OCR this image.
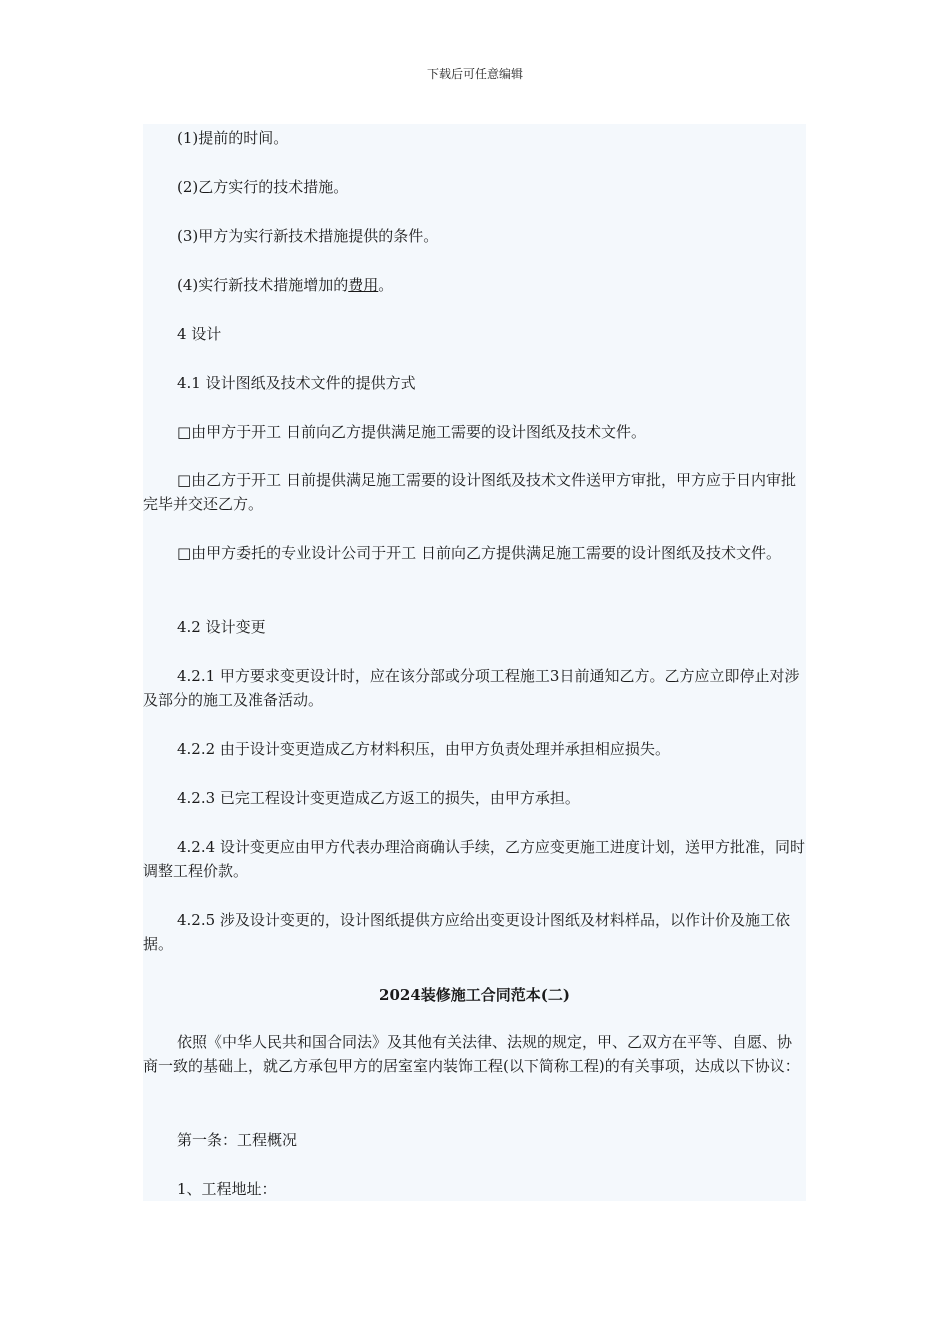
下载后可任意编辑

(1)提前的时间。

(2)乙方实行的技术措施。

(3)甲方为实行新技术措施提供的条件。

(4)实行新技术措施增加的费用。

4 设计

4.1 设计图纸及技术文件的提供方式

□由甲方于开工 日前向乙方提供满足施工需要的设计图纸及技术文件。

□由乙方于开工 日前提供满足施工需要的设计图纸及技术文件送甲方审批，甲方应于日内审批完毕并交还乙方。

□由甲方委托的专业设计公司于开工 日前向乙方提供满足施工需要的设计图纸及技术文件。

4.2 设计变更

4.2.1 甲方要求变更设计时，应在该分部或分项工程施工3日前通知乙方。乙方应立即停止对涉及部分的施工及准备活动。

4.2.2 由于设计变更造成乙方材料积压，由甲方负责处理并承担相应损失。

4.2.3 已完工程设计变更造成乙方返工的损失，由甲方承担。

4.2.4 设计变更应由甲方代表办理洽商确认手续，乙方应变更施工进度计划，送甲方批准，同时调整工程价款。

4.2.5 涉及设计变更的，设计图纸提供方应给出变更设计图纸及材料样品，以作计价及施工依据。

2024装修施工合同范本(二)

依照《中华人民共和国合同法》及其他有关法律、法规的规定，甲、乙双方在平等、自愿、协商一致的基础上，就乙方承包甲方的居室室内装饰工程(以下简称工程)的有关事项，达成以下协议：

第一条：工程概况

1、工程地址：
